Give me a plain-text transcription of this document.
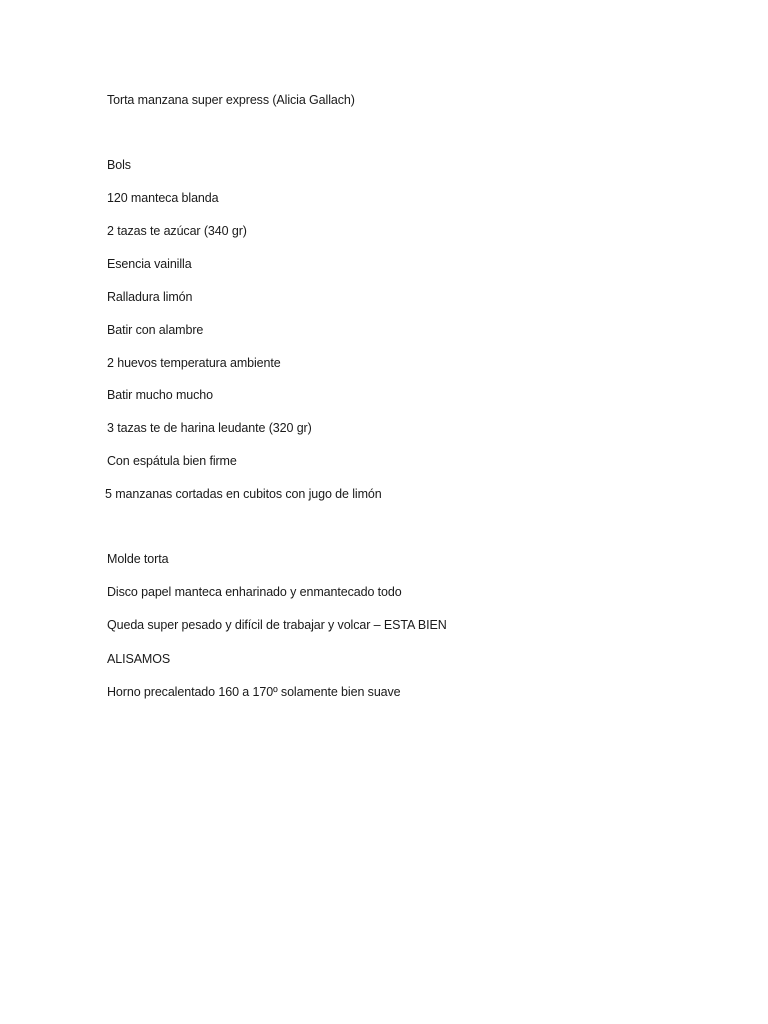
Torta manzana super express (Alicia Gallach)
Bols
120 manteca blanda
2 tazas te azúcar (340 gr)
Esencia vainilla
Ralladura limón
Batir con alambre
2 huevos temperatura ambiente
Batir mucho mucho
3 tazas te de harina leudante (320 gr)
Con espátula bien firme
5 manzanas cortadas en cubitos con jugo de limón
Molde torta
Disco papel manteca enharinado y enmantecado todo
Queda super pesado y difícil de trabajar y volcar – ESTA BIEN
ALISAMOS
Horno precalentado 160 a 170º solamente bien suave
